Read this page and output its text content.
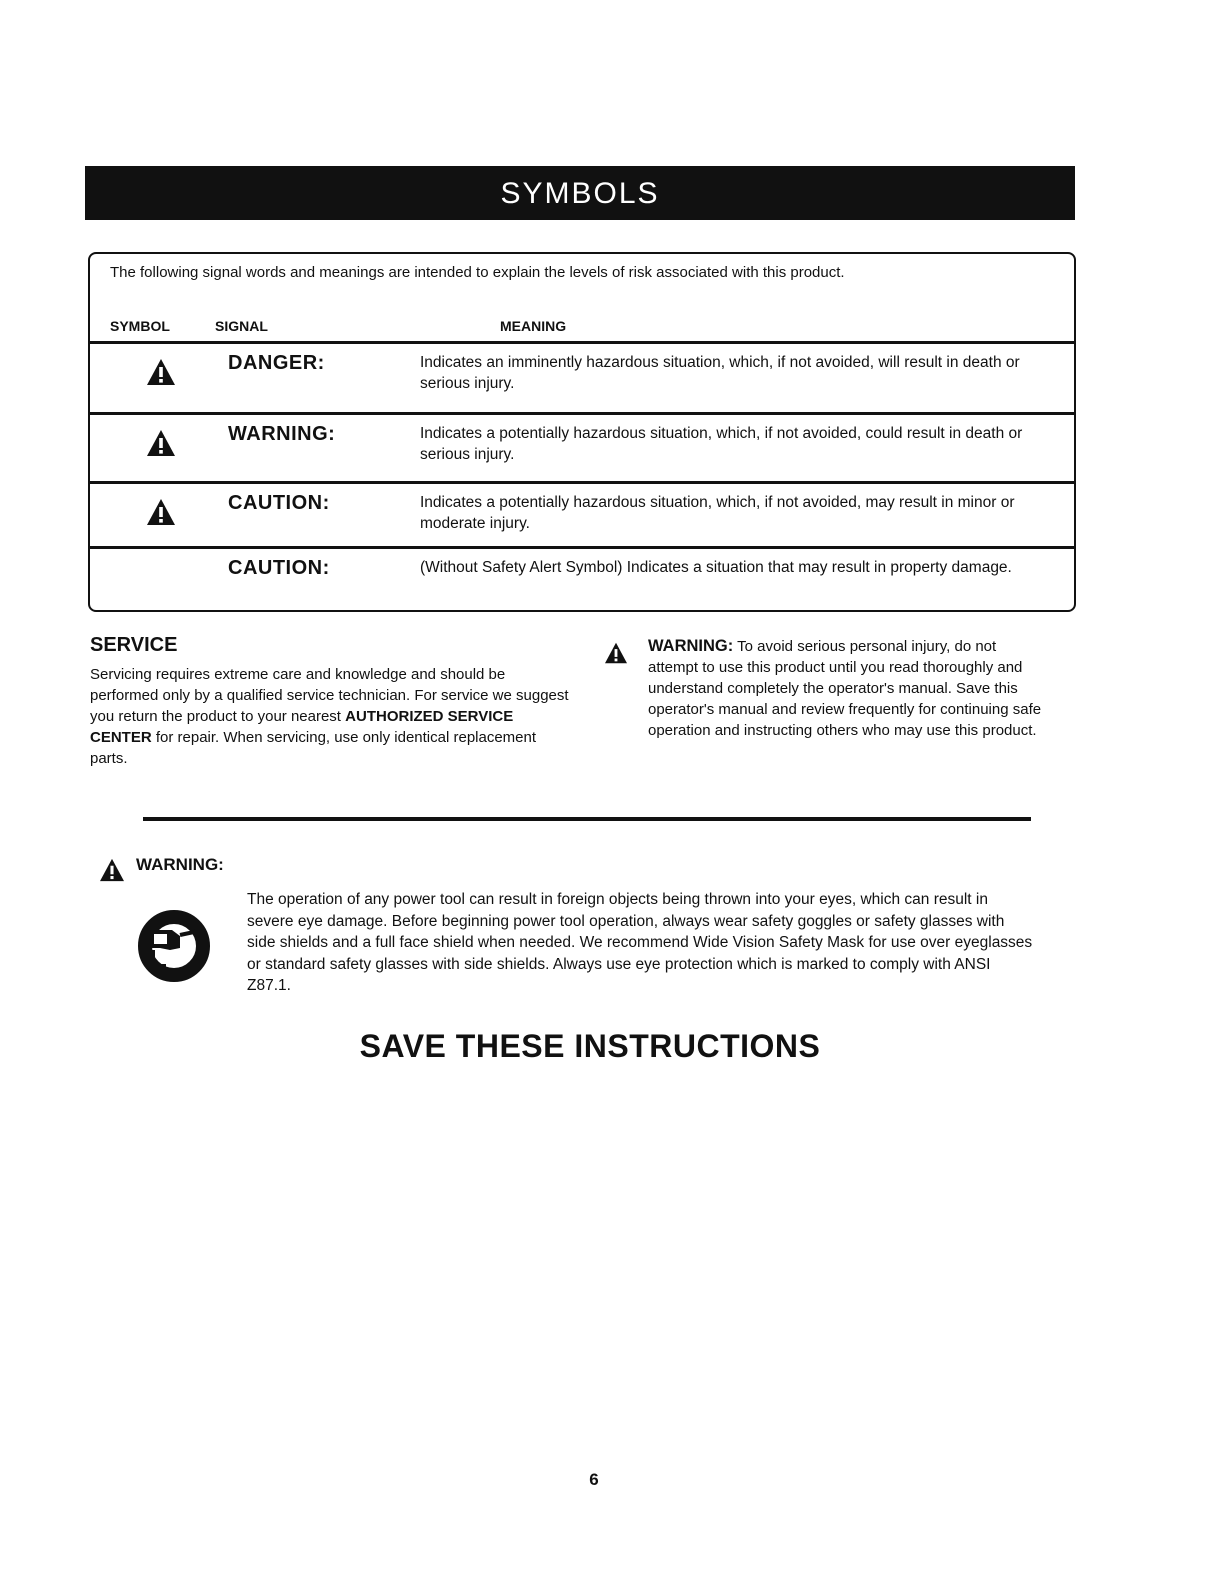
SYMBOLS
The following signal words and meanings are intended to explain the levels of risk associated with this product.
SYMBOL	SIGNAL	MEANING
DANGER:	Indicates an imminently hazardous situation, which, if not avoided, will result in death or serious injury.
WARNING:	Indicates a potentially hazardous situation, which, if not avoided, could result in death or serious injury.
CAUTION:	Indicates a potentially hazardous situation, which, if not avoided, may result in minor or moderate injury.
CAUTION:	(Without Safety Alert Symbol) Indicates a situation that may result in property damage.
SERVICE
Servicing requires extreme care and knowledge and should be performed only by a qualified service technician. For service we suggest you return the product to your nearest AUTHORIZED SERVICE CENTER for repair. When servicing, use only identical replacement parts.
WARNING: To avoid serious personal injury, do not attempt to use this product until you read thoroughly and understand completely the operator's manual. Save this operator's manual and review frequently for continuing safe operation and instructing others who may use this product.
WARNING:
The operation of any power tool can result in foreign objects being thrown into your eyes, which can result in severe eye damage. Before beginning power tool operation, always wear safety goggles or safety glasses with side shields and a full face shield when needed. We recommend Wide Vision Safety Mask for use over eyeglasses or standard safety glasses with side shields. Always use eye protection which is marked to comply with ANSI Z87.1.
SAVE THESE INSTRUCTIONS
6
